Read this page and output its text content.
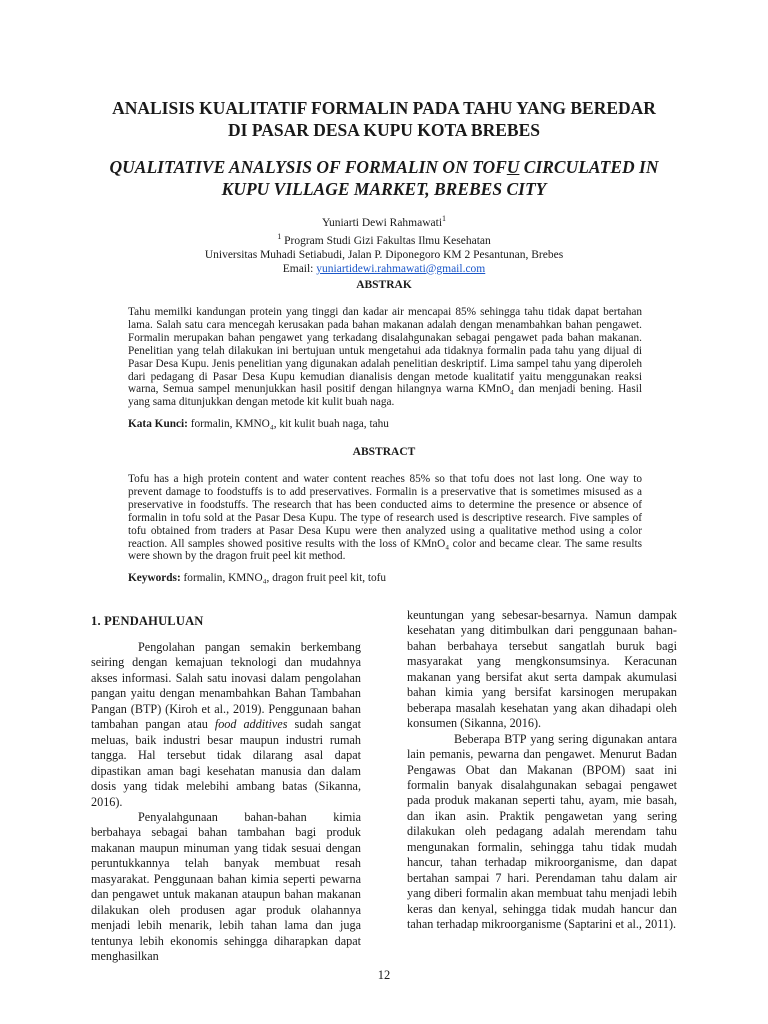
ANALISIS KUALITATIF FORMALIN PADA TAHU YANG BEREDAR
DI PASAR DESA KUPU KOTA BREBES
QUALITATIVE ANALYSIS OF FORMALIN ON TOFU CIRCULATED IN
KUPU VILLAGE MARKET, BREBES CITY
Yuniarti Dewi Rahmawati$^1$
$^1$ Program Studi Gizi Fakultas Ilmu Kesehatan
Universitas Muhadi Setiabudi, Jalan P. Diponegoro KM 2 Pesantunan, Brebes
Email: yuniartidewi.rahmawati@gmail.com
ABSTRAK
Tahu memilki kandungan protein yang tinggi dan kadar air mencapai 85% sehingga tahu tidak dapat bertahan lama. Salah satu cara mencegah kerusakan pada bahan makanan adalah dengan menambahkan bahan pengawet. Formalin merupakan bahan pengawet yang terkadang disalahgunakan sebagai pengawet pada bahan makanan. Penelitian yang telah dilakukan ini bertujuan untuk mengetahui ada tidaknya formalin pada tahu yang dijual di Pasar Desa Kupu. Jenis penelitian yang digunakan adalah penelitian deskriptif. Lima sampel tahu yang diperoleh dari pedagang di Pasar Desa Kupu kemudian dianalisis dengan metode kualitatif yaitu menggunakan reaksi warna, Semua sampel menunjukkan hasil positif dengan hilangnya warna KMnO₄ dan menjadi bening. Hasil yang sama ditunjukkan dengan metode kit kulit buah naga.
Kata Kunci: formalin, KMNO₄, kit kulit buah naga, tahu
ABSTRACT
Tofu has a high protein content and water content reaches 85% so that tofu does not last long. One way to prevent damage to foodstuffs is to add preservatives. Formalin is a preservative that is sometimes misused as a preservative in foodstuffs. The research that has been conducted aims to determine the presence or absence of formalin in tofu sold at the Pasar Desa Kupu. The type of research used is descriptive research. Five samples of tofu obtained from traders at Pasar Desa Kupu were then analyzed using a qualitative method using a color reaction. All samples showed positive results with the loss of KMnO₄ color and became clear. The same results were shown by the dragon fruit peel kit method.
Keywords: formalin, KMNO₄, dragon fruit peel kit, tofu
1. PENDAHULUAN

Pengolahan pangan semakin berkembang seiring dengan kemajuan teknologi dan mudahnya akses informasi. Salah satu inovasi dalam pengolahan pangan yaitu dengan menambahkan Bahan Tambahan Pangan (BTP) (Kiroh et al., 2019). Penggunaan bahan tambahan pangan atau food additives sudah sangat meluas, baik industri besar maupun industri rumah tangga. Hal tersebut tidak dilarang asal dapat dipastikan aman bagi kesehatan manusia dan dalam dosis yang tidak melebihi ambang batas (Sikanna, 2016).

Penyalahgunaan bahan-bahan kimia berbahaya sebagai bahan tambahan bagi produk makanan maupun minuman yang tidak sesuai dengan peruntukkannya telah banyak membuat resah masyarakat. Penggunaan bahan kimia seperti pewarna dan pengawet untuk makanan ataupun bahan makanan dilakukan oleh produsen agar produk olahannya menjadi lebih menarik, lebih tahan lama dan juga tentunya lebih ekonomis sehingga diharapkan dapat menghasilkan

keuntungan yang sebesar-besarnya. Namun dampak kesehatan yang ditimbulkan dari penggunaan bahan-bahan berbahaya tersebut sangatlah buruk bagi masyarakat yang mengkonsumsinya. Keracunan makanan yang bersifat akut serta dampak akumulasi bahan kimia yang bersifat karsinogen merupakan beberapa masalah kesehatan yang akan dihadapi oleh konsumen (Sikanna, 2016).

Beberapa BTP yang sering digunakan antara lain pemanis, pewarna dan pengawet. Menurut Badan Pengawas Obat dan Makanan (BPOM) saat ini formalin banyak disalahgunakan sebagai pengawet pada produk makanan seperti tahu, ayam, mie basah, dan ikan asin. Praktik pengawetan yang sering dilakukan oleh pedagang adalah merendam tahu mengunakan formalin, sehingga tahu tidak mudah hancur, tahan terhadap mikroorganisme, dan dapat bertahan sampai 7 hari. Perendaman tahu dalam air yang diberi formalin akan membuat tahu menjadi lebih keras dan kenyal, sehingga tidak mudah hancur dan tahan terhadap mikroorganisme (Saptarini et al., 2011).

12
